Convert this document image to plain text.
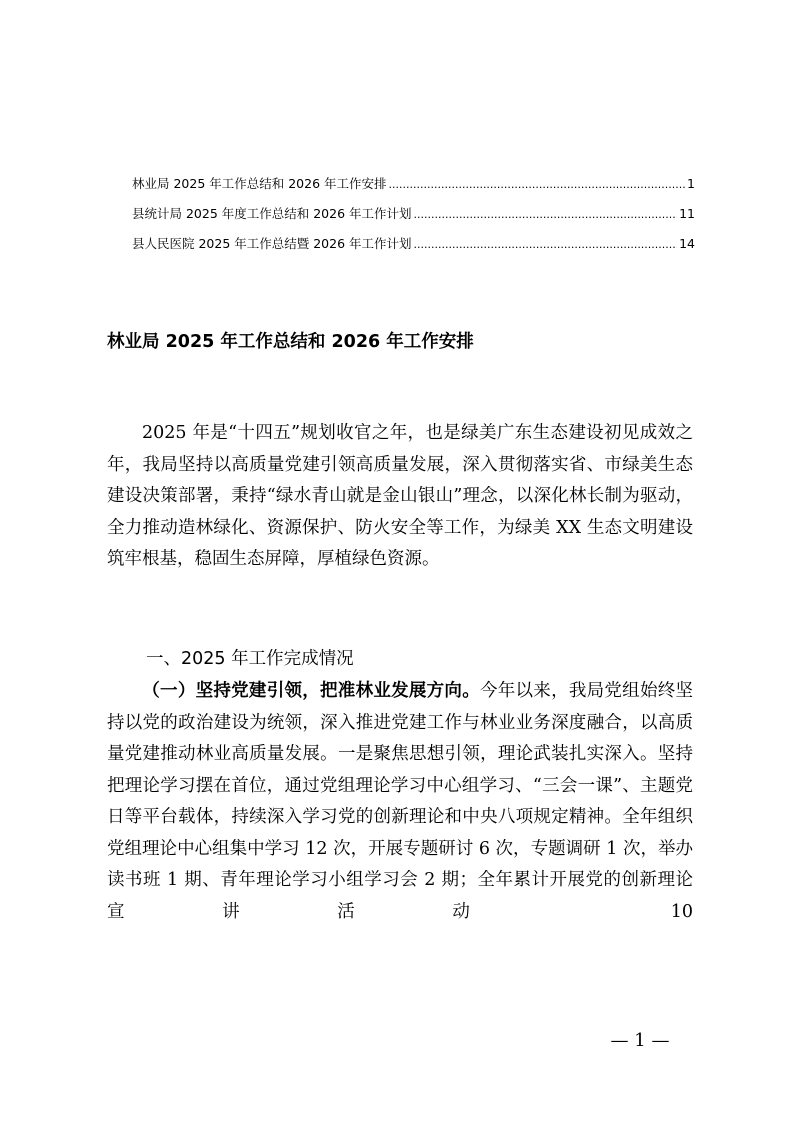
林业局 2025 年工作总结和 2026 年工作安排 .....	1
县统计局 2025 年度工作总结和 2026 年工作计划 .....	11
县人民医院 2025 年工作总结暨 2026 年工作计划 .....	14
林业局 2025 年工作总结和 2026 年工作安排

2025 年是“十四五”规划收官之年，也是绿美广东生态建设初见成效之年，我局坚持以高质量党建引领高质量发展，深入贯彻落实省、市绿美生态建设决策部署，秉持“绿水青山就是金山银山”理念，以深化林长制为驱动，全力推动造林绿化、资源保护、防火安全等工作，为绿美 XX 生态文明建设筑牢根基，稳固生态屏障，厚植绿色资源。

一、2025 年工作完成情况
（一）坚持党建引领，把准林业发展方向。今年以来，我局党组始终坚持以党的政治建设为统领，深入推进党建工作与林业业务深度融合，以高质量党建推动林业高质量发展。一是聚焦思想引领，理论武装扎实深入。坚持把理论学习摆在首位，通过党组理论学习中心组学习、“三会一课”、主题党日等平台载体，持续深入学习党的创新理论和中央八项规定精神。全年组织党组理论中心组集中学习 12 次，开展专题研讨 6 次，专题调研 1 次，举办读书班 1 期、青年理论学习小组学习会 2 期；全年累计开展党的创新理论宣讲活动 10
— 1 —
